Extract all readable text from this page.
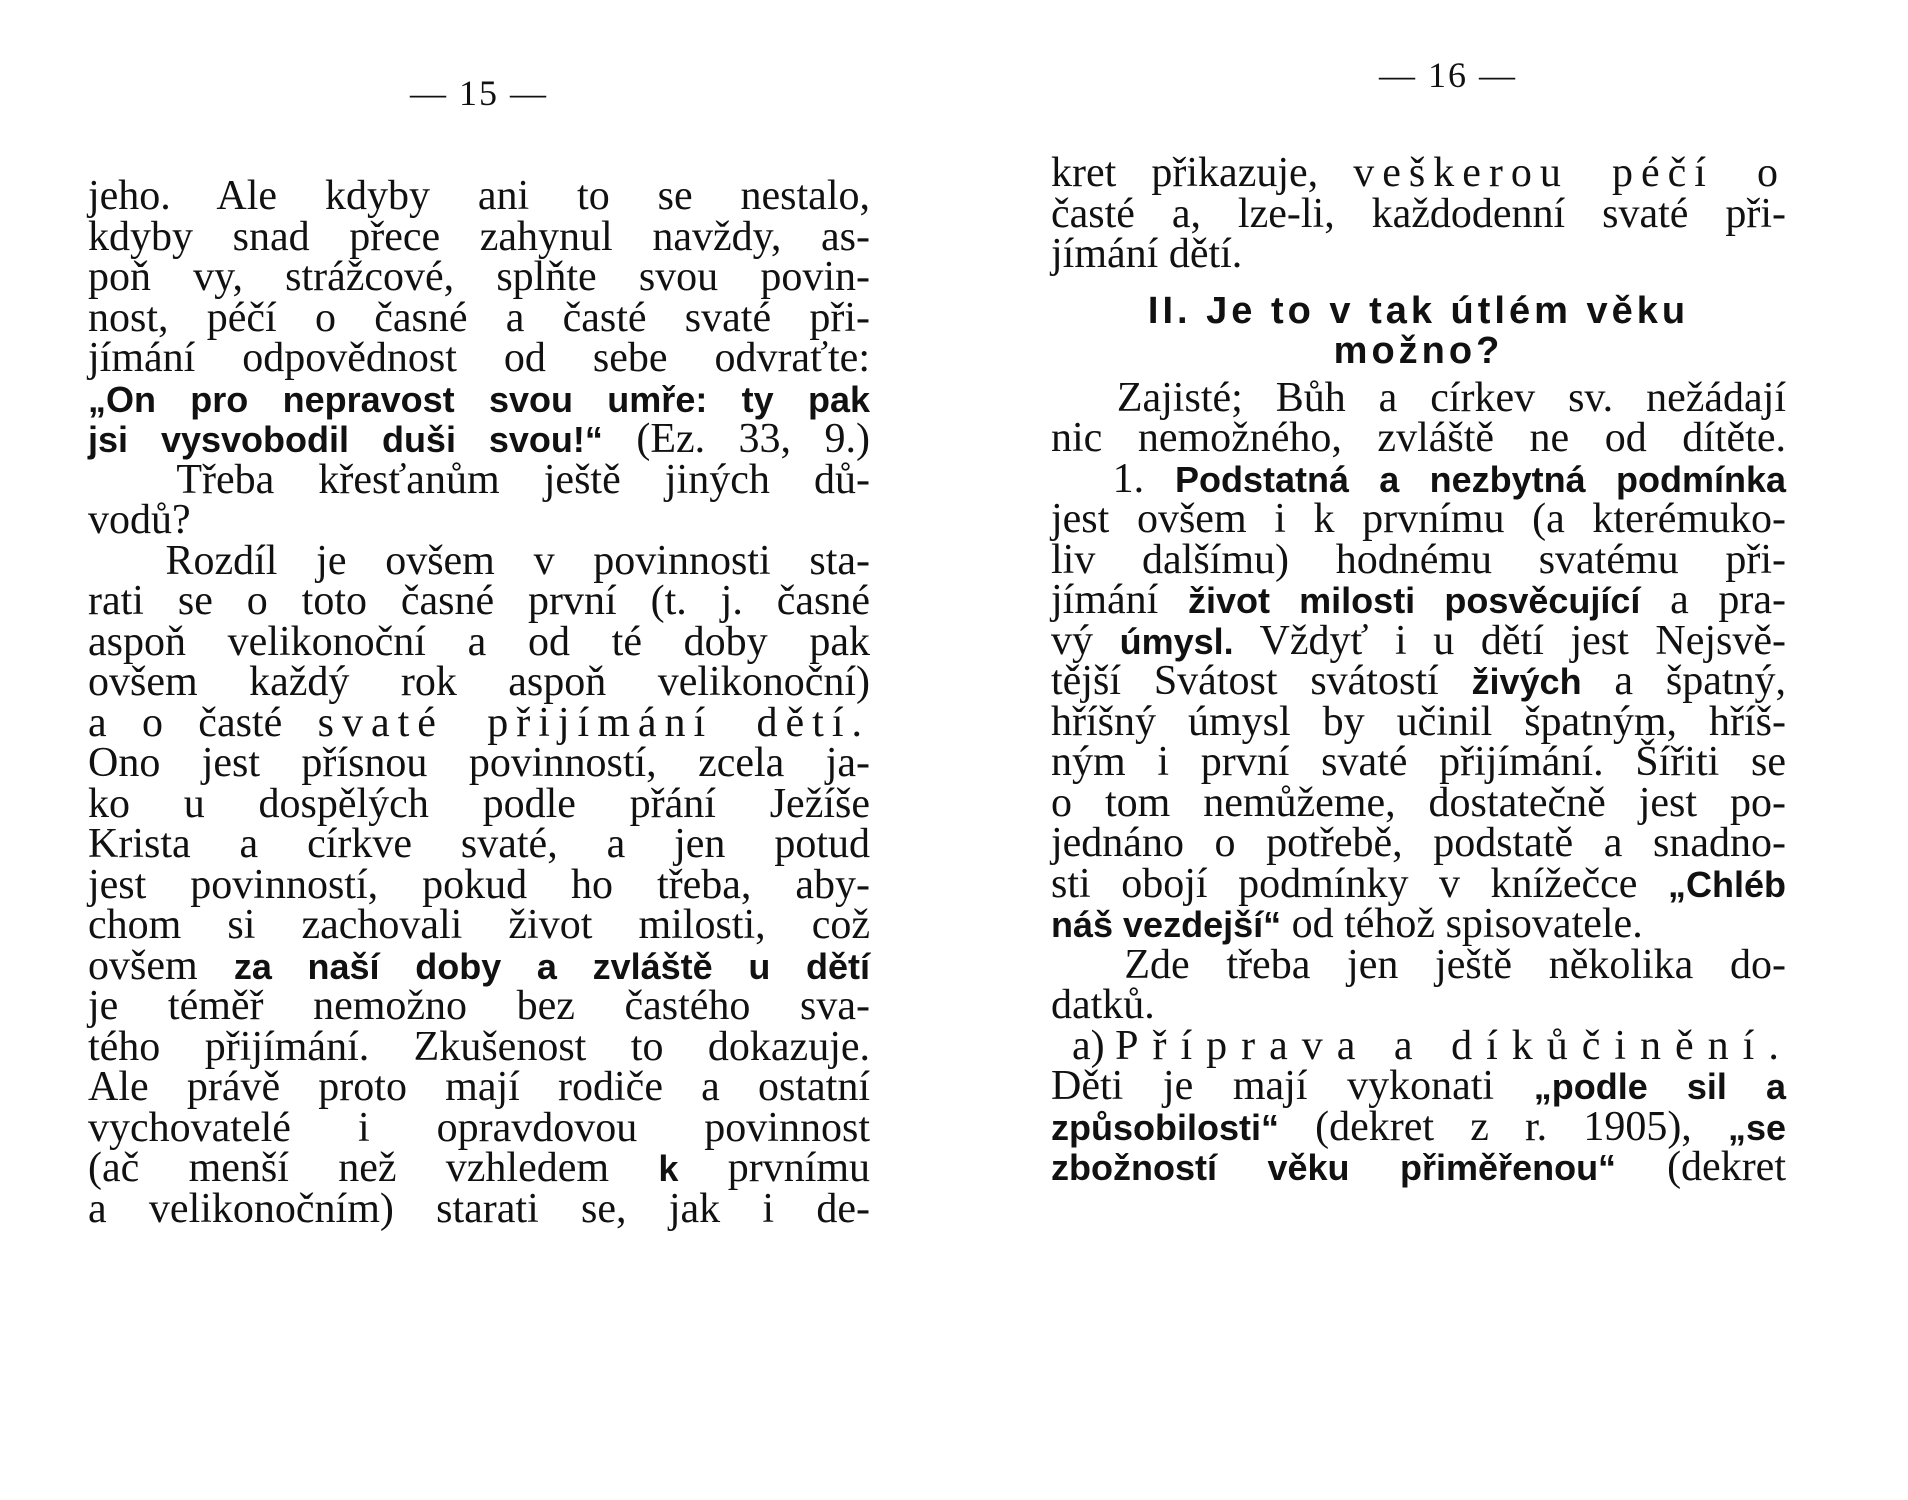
— 15 —
jeho. Ale kdyby ani to se nestalo,
kdyby snad přece zahynul navždy, as-
poň vy, strážcové, splňte svou povin-
nost, péčí o časné a časté svaté při-
jímání odpovědnost od sebe odvraťte:
„On pro nepravost svou umře: ty pak
jsi vysvobodil duši svou!“ (Ez. 33, 9.)
Třeba křesťanům ještě jiných dů-
vodů?
Rozdíl je ovšem v povinnosti sta-
rati se o toto časné první (t. j. časné
aspoň velikonoční a od té doby pak
ovšem každý rok aspoň velikonoční)
a o časté svaté přijímání dětí.
Ono jest přísnou povinností, zcela ja-
ko u dospělých podle přání Ježíše
Krista a církve svaté, a jen potud
jest povinností, pokud ho třeba, aby-
chom si zachovali život milosti, což
ovšem za naší doby a zvláště u dětí
je téměř nemožno bez častého sva-
tého přijímání. Zkušenost to dokazuje.
Ale právě proto mají rodiče a ostatní
vychovatelé i opravdovou povinnost
(ač menší než vzhledem k prvnímu
a velikonočním) starati se, jak i de-
— 16 —
kret přikazuje, veškerou péčí o
časté a, lze-li, každodenní svaté při-
jímání dětí.
II. Je to v tak útlém věku
možno?
Zajisté; Bůh a církev sv. nežádají
nic nemožného, zvláště ne od dítěte.
1. Podstatná a nezbytná podmínka
jest ovšem i k prvnímu (a kterémuko-
liv dalšímu) hodnému svatému při-
jímání život milosti posvěcující a pra-
vý úmysl. Vždyť i u dětí jest Nejsvě-
tější Svátost svátostí živých a špatný,
hříšný úmysl by učinil špatným, hříš-
ným i první svaté přijímání. Šířiti se
o tom nemůžeme, dostatečně jest po-
jednáno o potřebě, podstatě a snadno-
sti obojí podmínky v knížečce „Chléb
náš vezdejší“ od téhož spisovatele.
Zde třeba jen ještě několika do-
datků.
a) Příprava a díkůčinění.
Děti je mají vykonati „podle sil a
způsobilosti“ (dekret z r. 1905), „se
zbožností věku přiměřenou“ (dekret
